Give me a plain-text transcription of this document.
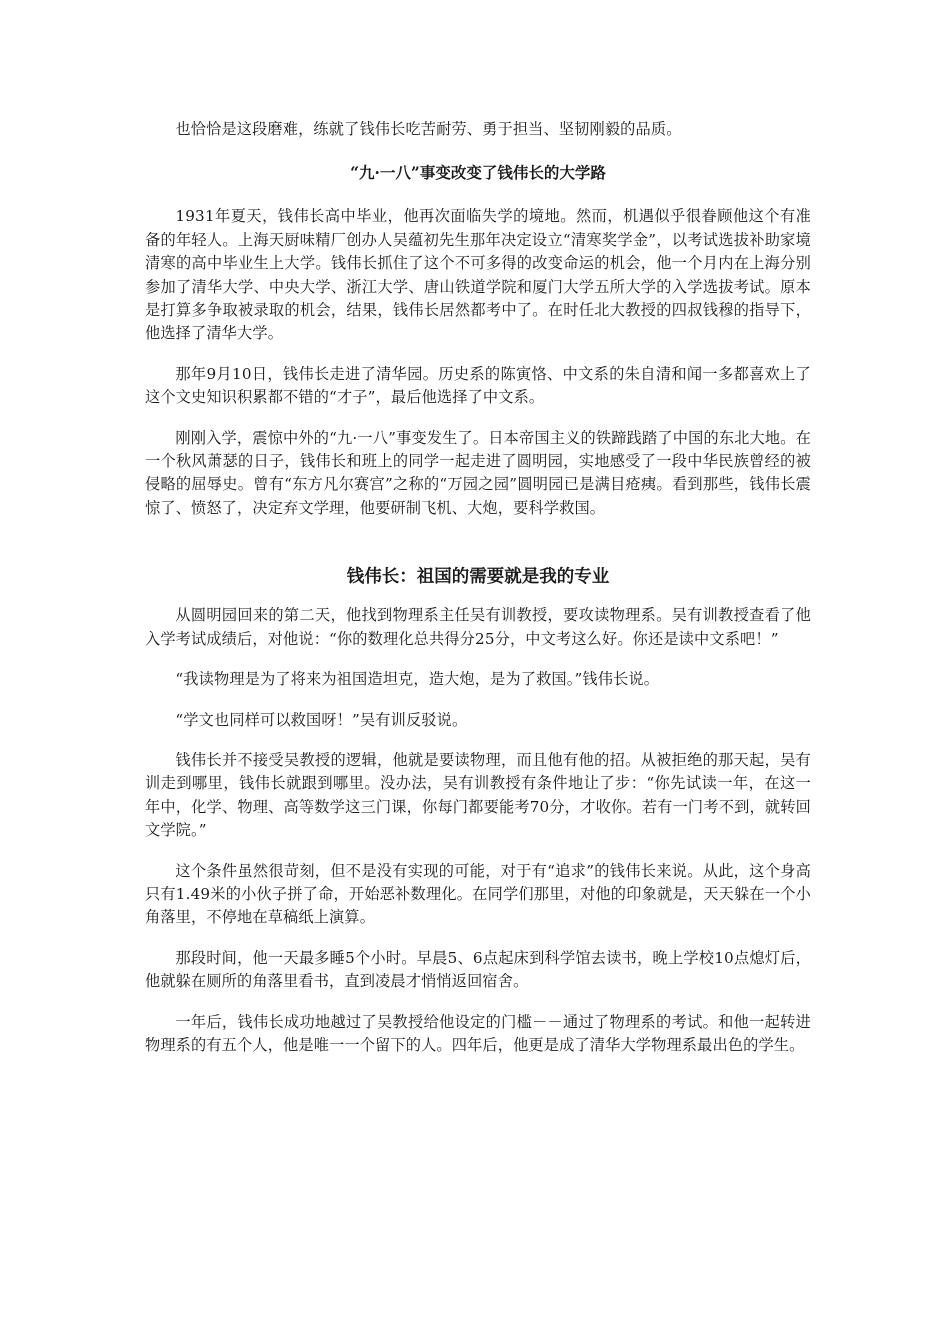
也恰恰是这段磨难，练就了钱伟长吃苦耐劳、勇于担当、坚韧刚毅的品质。

“九·一八”事变改变了钱伟长的大学路

1931年夏天，钱伟长高中毕业，他再次面临失学的境地。然而，机遇似乎很眷顾他这个有准备的年轻人。上海天厨味精厂创办人吴蕴初先生那年决定设立“清寒奖学金”，以考试选拔补助家境清寒的高中毕业生上大学。钱伟长抓住了这个不可多得的改变命运的机会，他一个月内在上海分别参加了清华大学、中央大学、浙江大学、唐山铁道学院和厦门大学五所大学的入学选拔考试。原本是打算多争取被录取的机会，结果，钱伟长居然都考中了。在时任北大教授的四叔钱穆的指导下，他选择了清华大学。

那年9月10日，钱伟长走进了清华园。历史系的陈寅恪、中文系的朱自清和闻一多都喜欢上了这个文史知识积累都不错的“才子”，最后他选择了中文系。

刚刚入学，震惊中外的“九·一八”事变发生了。日本帝国主义的铁蹄践踏了中国的东北大地。在一个秋风萧瑟的日子，钱伟长和班上的同学一起走进了圆明园，实地感受了一段中华民族曾经的被侵略的屈辱史。曾有“东方凡尔赛宫”之称的“万园之园”圆明园已是满目疮痍。看到那些，钱伟长震惊了、愤怒了，决定弃文学理，他要研制飞机、大炮，要科学救国。

钱伟长：祖国的需要就是我的专业

从圆明园回来的第二天，他找到物理系主任吴有训教授，要攻读物理系。吴有训教授查看了他入学考试成绩后，对他说：“你的数理化总共得分25分，中文考这么好。你还是读中文系吧！”

“我读物理是为了将来为祖国造坦克，造大炮，是为了救国。”钱伟长说。

“学文也同样可以救国呀！”吴有训反驳说。

钱伟长并不接受吴教授的逻辑，他就是要读物理，而且他有他的招。从被拒绝的那天起，吴有训走到哪里，钱伟长就跟到哪里。没办法，吴有训教授有条件地让了步：“你先试读一年，在这一年中，化学、物理、高等数学这三门课，你每门都要能考70分，才收你。若有一门考不到，就转回文学院。”

这个条件虽然很苛刻，但不是没有实现的可能，对于有“追求”的钱伟长来说。从此，这个身高只有1.49米的小伙子拼了命，开始恶补数理化。在同学们那里，对他的印象就是，天天躲在一个小角落里，不停地在草稿纸上演算。

那段时间，他一天最多睡5个小时。早晨5、6点起床到科学馆去读书，晚上学校10点熄灯后，他就躲在厕所的角落里看书，直到凌晨才悄悄返回宿舍。

一年后，钱伟长成功地越过了吴教授给他设定的门槛－－通过了物理系的考试。和他一起转进物理系的有五个人，他是唯一一个留下的人。四年后，他更是成了清华大学物理系最出色的学生。
